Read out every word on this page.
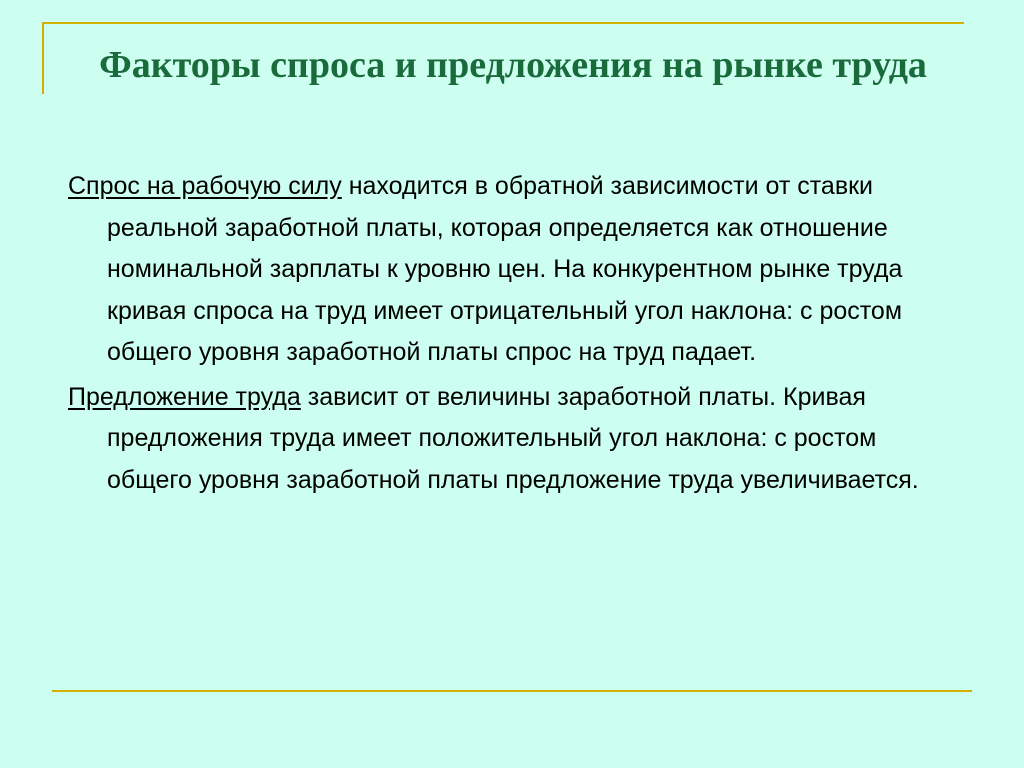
Факторы спроса и предложения на рынке труда

Спрос на рабочую силу находится в обратной зависимости от ставки реальной заработной платы, которая определяется как отношение номинальной зарплаты к уровню цен. На конкурентном рынке труда кривая спроса на труд имеет отрицательный угол наклона: с ростом общего уровня заработной платы спрос на труд падает.

Предложение труда зависит от величины заработной платы. Кривая предложения труда имеет положительный угол наклона: с ростом общего уровня заработной платы предложение труда увеличивается.
